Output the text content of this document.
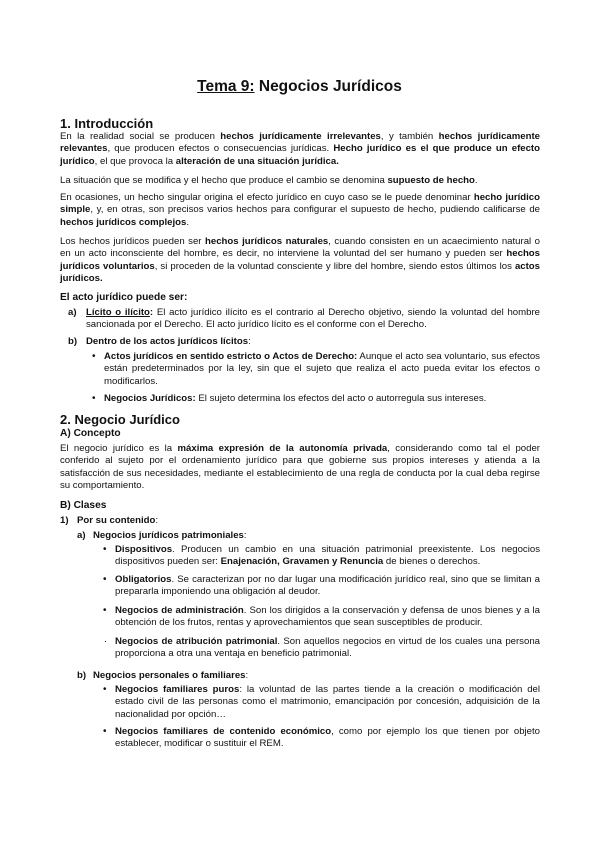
Tema 9: Negocios Jurídicos
1. Introducción
En la realidad social se producen hechos jurídicamente irrelevantes, y también hechos jurídicamente relevantes, que producen efectos o consecuencias jurídicas. Hecho jurídico es el que produce un efecto jurídico, el que provoca la alteración de una situación jurídica.
La situación que se modifica y el hecho que produce el cambio se denomina supuesto de hecho.
En ocasiones, un hecho singular origina el efecto jurídico en cuyo caso se le puede denominar hecho jurídico simple, y, en otras, son precisos varios hechos para configurar el supuesto de hecho, pudiendo calificarse de hechos jurídicos complejos.
Los hechos jurídicos pueden ser hechos jurídicos naturales, cuando consisten en un acaecimiento natural o en un acto inconsciente del hombre, es decir, no interviene la voluntad del ser humano y pueden ser hechos jurídicos voluntarios, si proceden de la voluntad consciente y libre del hombre, siendo estos últimos los actos jurídicos.
El acto jurídico puede ser:
a) Lícito o ilícito: El acto jurídico ilícito es el contrario al Derecho objetivo, siendo la voluntad del hombre sancionada por el Derecho. El acto jurídico lícito es el conforme con el Derecho.
b) Dentro de los actos jurídicos lícitos:
• Actos jurídicos en sentido estricto o Actos de Derecho: Aunque el acto sea voluntario, sus efectos están predeterminados por la ley, sin que el sujeto que realiza el acto pueda evitar los efectos o modificarlos.
• Negocios Jurídicos: El sujeto determina los efectos del acto o autorregula sus intereses.
2. Negocio Jurídico
A) Concepto
El negocio jurídico es la máxima expresión de la autonomía privada, considerando como tal el poder conferido al sujeto por el ordenamiento jurídico para que gobierne sus propios intereses y atienda a la satisfacción de sus necesidades, mediante el establecimiento de una regla de conducta por la cual deba regirse su comportamiento.
B) Clases
1) Por su contenido:
a) Negocios jurídicos patrimoniales:
• Dispositivos. Producen un cambio en una situación patrimonial preexistente. Los negocios dispositivos pueden ser: Enajenación, Gravamen y Renuncia de bienes o derechos.
• Obligatorios. Se caracterizan por no dar lugar una modificación jurídico real, sino que se limitan a prepararla imponiendo una obligación al deudor.
• Negocios de administración. Son los dirigidos a la conservación y defensa de unos bienes y a la obtención de los frutos, rentas y aprovechamientos que sean susceptibles de producir.
. Negocios de atribución patrimonial. Son aquellos negocios en virtud de los cuales una persona proporciona a otra una ventaja en beneficio patrimonial.
b) Negocios personales o familiares:
• Negocios familiares puros: la voluntad de las partes tiende a la creación o modificación del estado civil de las personas como el matrimonio, emancipación por concesión, adquisición de la nacionalidad por opción…
• Negocios familiares de contenido económico, como por ejemplo los que tienen por objeto establecer, modificar o sustituir el REM.
